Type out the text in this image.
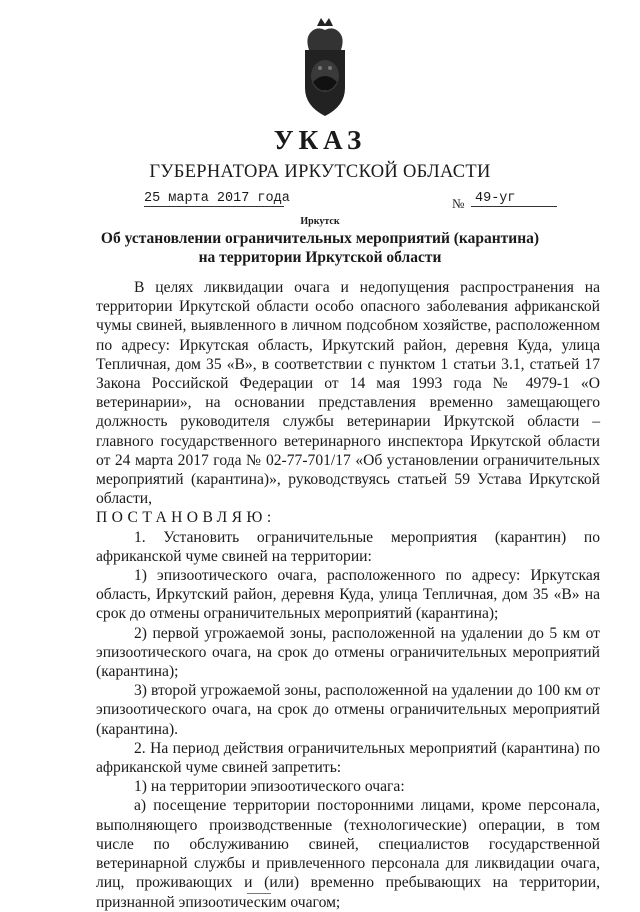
УКАЗ
ГУБЕРНАТОРА ИРКУТСКОЙ ОБЛАСТИ
25 марта 2017 года	№ 49-уг
Иркутск
Об установлении ограничительных мероприятий (карантина)
на территории Иркутской области

В целях ликвидации очага и недопущения распространения на территории Иркутской области особо опасного заболевания африканской чумы свиней, выявленного в личном подсобном хозяйстве, расположенном по адресу: Иркутская область, Иркутский район, деревня Куда, улица Тепличная, дом 35 «В», в соответствии с пунктом 1 статьи 3.1, статьей 17 Закона Российской Федерации от 14 мая 1993 года № 4979-1 «О ветеринарии», на основании представления временно замещающего должность руководителя службы ветеринарии Иркутской области – главного государственного ветеринарного инспектора Иркутской области от 24 марта 2017 года № 02-77-701/17 «Об установлении ограничительных мероприятий (карантина)», руководствуясь статьей 59 Устава Иркутской области,

ПОСТАНОВЛЯЮ:

1. Установить ограничительные мероприятия (карантин) по африканской чуме свиней на территории:

1) эпизоотического очага, расположенного по адресу: Иркутская область, Иркутский район, деревня Куда, улица Тепличная, дом 35 «В» на срок до отмены ограничительных мероприятий (карантина);

2) первой угрожаемой зоны, расположенной на удалении до 5 км от эпизоотического очага, на срок до отмены ограничительных мероприятий (карантина);

3) второй угрожаемой зоны, расположенной на удалении до 100 км от эпизоотического очага, на срок до отмены ограничительных мероприятий (карантина).

2. На период действия ограничительных мероприятий (карантина) по африканской чуме свиней запретить:

1) на территории эпизоотического очага:

а) посещение территории посторонними лицами, кроме персонала, выполняющего производственные (технологические) операции, в том числе по обслуживанию свиней, специалистов государственной ветеринарной службы и привлеченного персонала для ликвидации очага, лиц, проживающих и (или) временно пребывающих на территории, признанной эпизоотическим очагом;
